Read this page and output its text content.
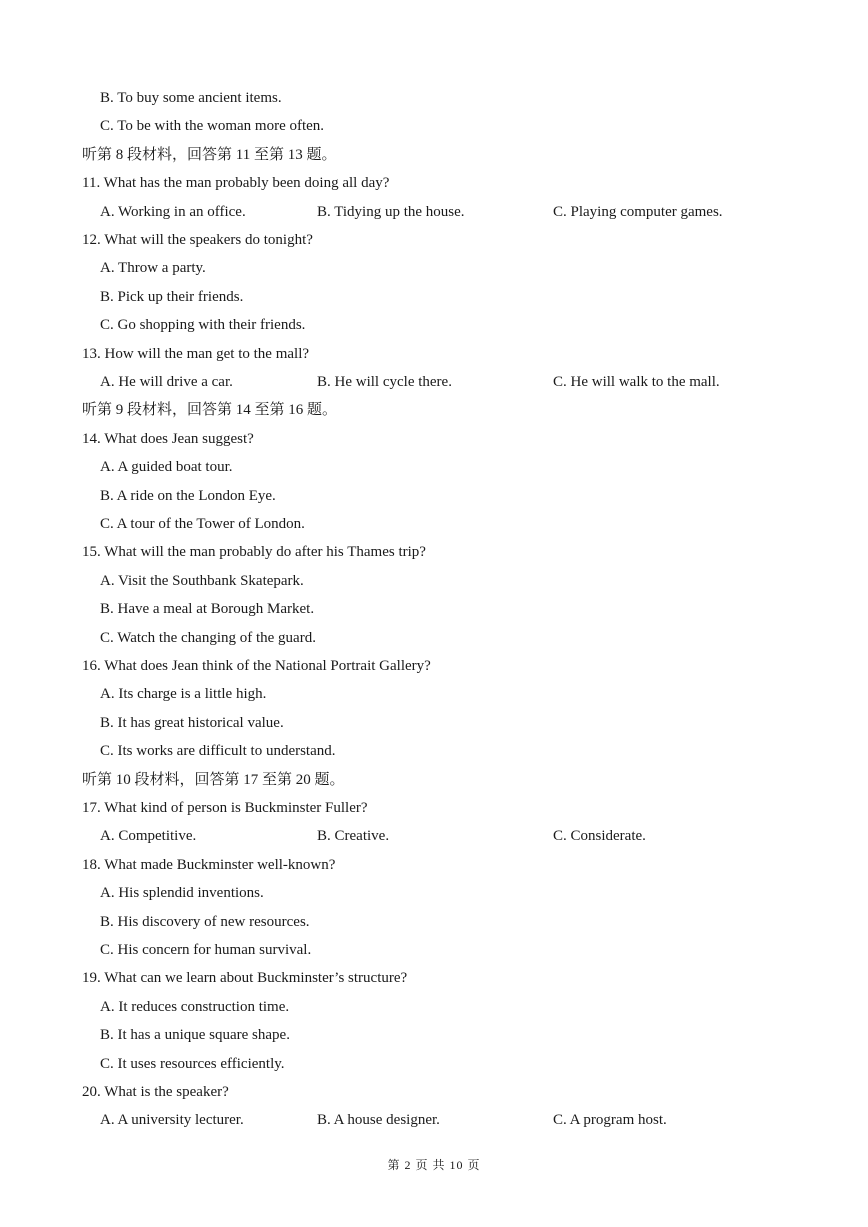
B. To buy some ancient items.
C. To be with the woman more often.
听第 8 段材料，回答第 11 至第 13 题。
11. What has the man probably been doing all day?
A. Working in an office.	B. Tidying up the house.	C. Playing computer games.
12. What will the speakers do tonight?
A. Throw a party.
B. Pick up their friends.
C. Go shopping with their friends.
13. How will the man get to the mall?
A. He will drive a car.	B. He will cycle there.	C. He will walk to the mall.
听第 9 段材料，回答第 14 至第 16 题。
14. What does Jean suggest?
A. A guided boat tour.
B. A ride on the London Eye.
C. A tour of the Tower of London.
15. What will the man probably do after his Thames trip?
A. Visit the Southbank Skatepark.
B. Have a meal at Borough Market.
C. Watch the changing of the guard.
16. What does Jean think of the National Portrait Gallery?
A. Its charge is a little high.
B. It has great historical value.
C. Its works are difficult to understand.
听第 10 段材料，回答第 17 至第 20 题。
17. What kind of person is Buckminster Fuller?
A. Competitive.	B. Creative.	C. Considerate.
18. What made Buckminster well-known?
A. His splendid inventions.
B. His discovery of new resources.
C. His concern for human survival.
19. What can we learn about Buckminster’s structure?
A. It reduces construction time.
B. It has a unique square shape.
C. It uses resources efficiently.
20. What is the speaker?
A. A university lecturer.	B. A house designer.	C. A program host.
第 2 页 共 10 页
